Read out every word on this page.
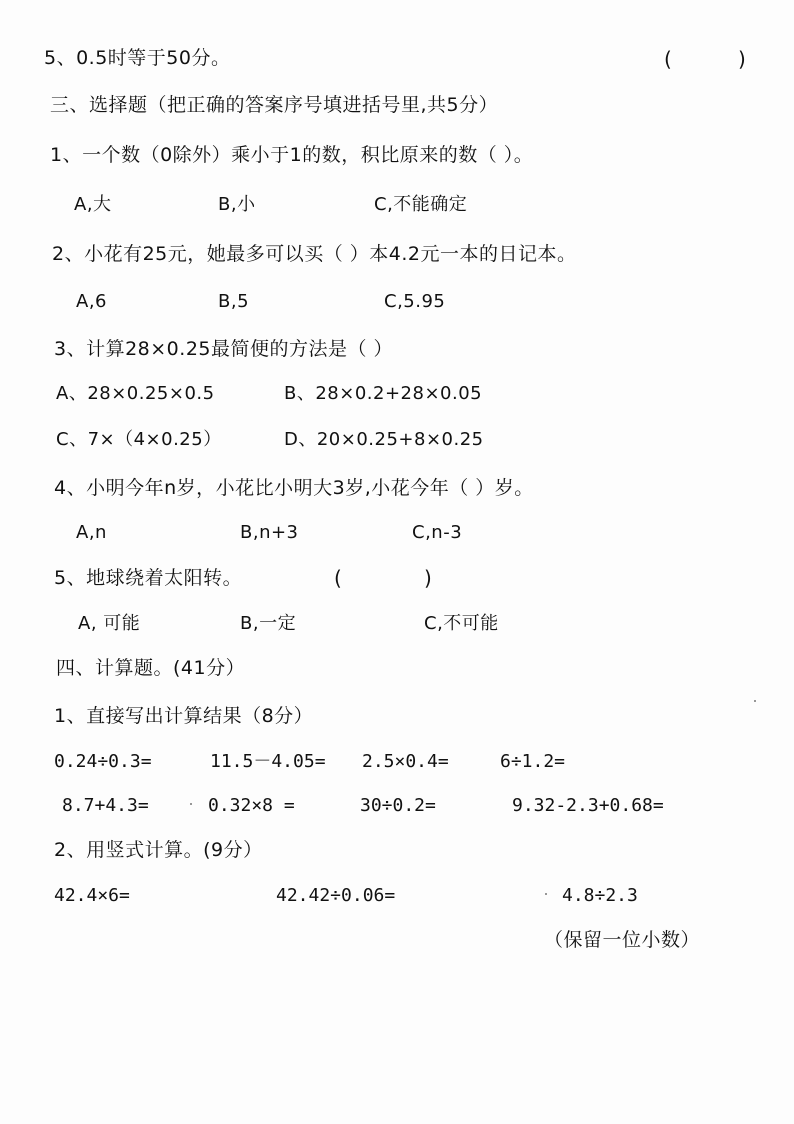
5、0.5时等于50分。	(	)
三、选择题（把正确的答案序号填进括号里,共5分）
1、一个数（0除外）乘小于1的数，积比原来的数（ ）。
A,大	B,小	C,不能确定
2、小花有25元，她最多可以买（ ）本4.2元一本的日记本。
A,6	B,5	C,5.95
3、计算28×0.25最简便的方法是（ ）
A、28×0.25×0.5	B、28×0.2+28×0.05
C、7×（4×0.25）	D、20×0.25+8×0.25
4、小明今年n岁，小花比小明大3岁,小花今年（ ）岁。
A,n	B,n+3	C,n-3
5、地球绕着太阳转。	(	)
A, 可能	B,一定	C,不可能
四、计算题。(41分）
1、直接写出计算结果（8分）
0.24÷0.3=	11.5－4.05= 2.5×0.4=	6÷1.2=
8.7+4.3=	0.32×8 =	30÷0.2=	9.32-2.3+0.68=
2、用竖式计算。(9分）
42.4×6=	42.42÷0.06=	4.8÷2.3
（保留一位小数）
